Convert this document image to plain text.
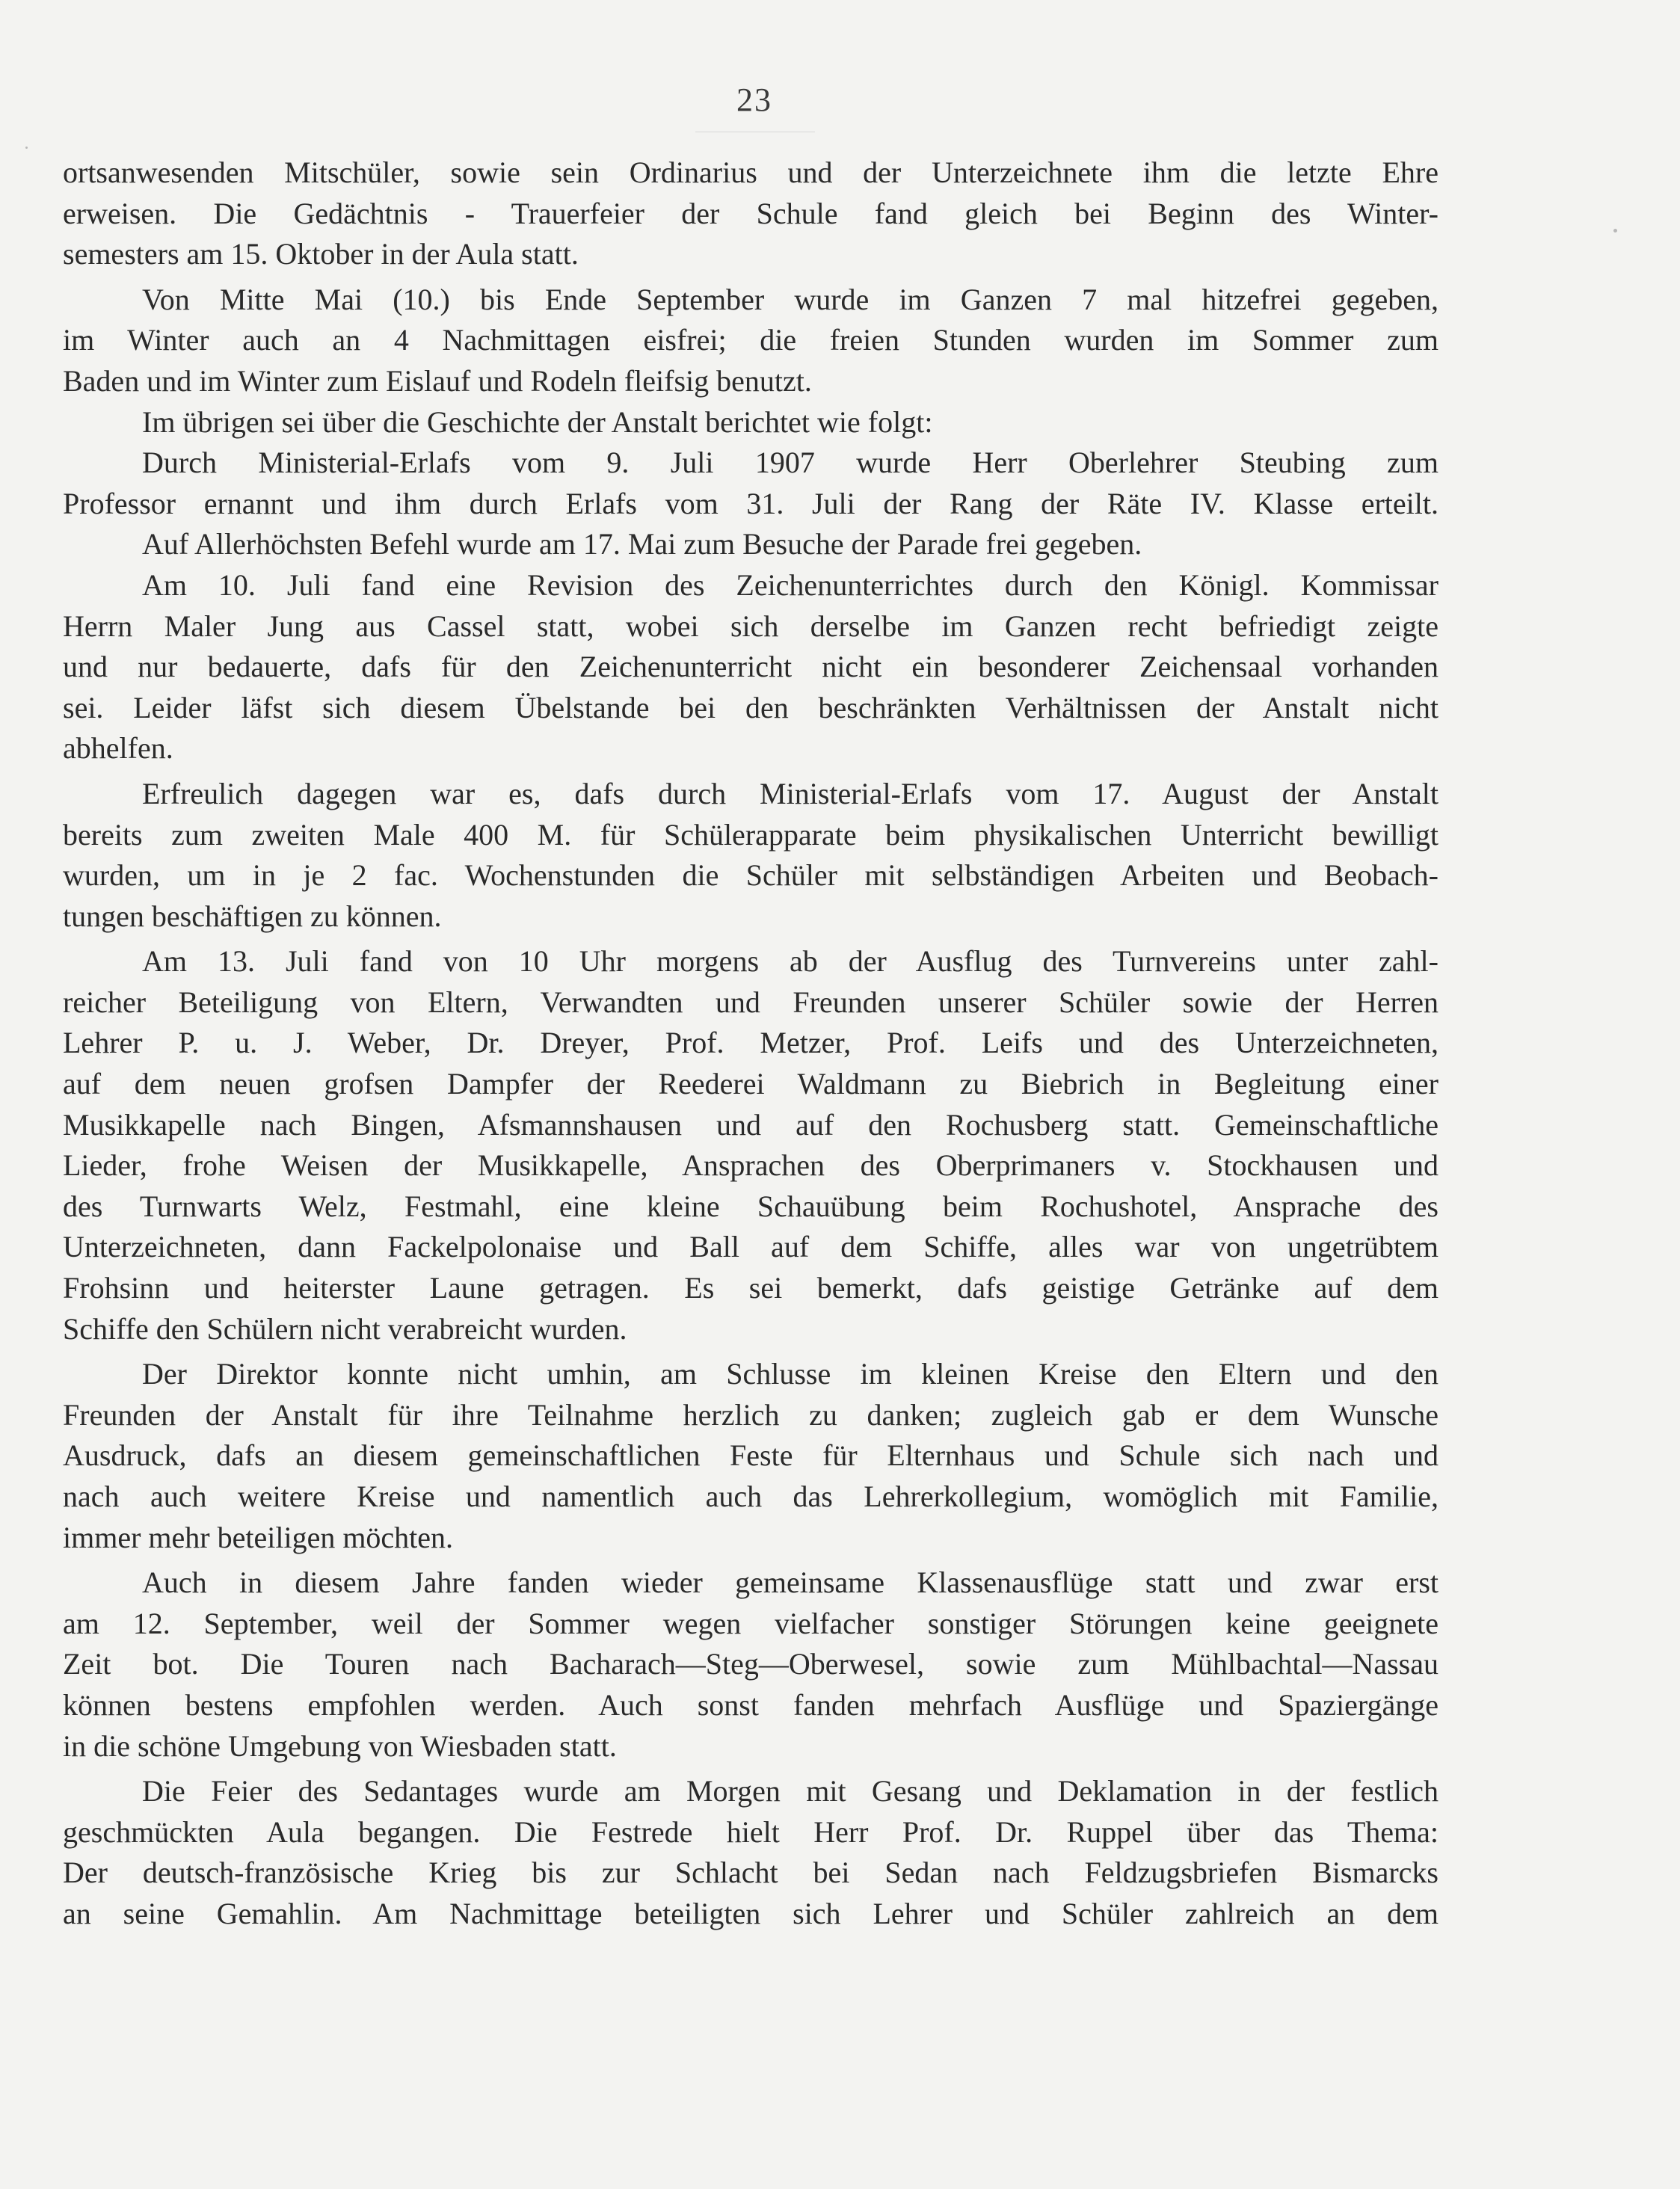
23
ortsanwesenden Mitschüler, sowie sein Ordinarius und der Unterzeichnete ihm die letzte Ehre
erweisen. Die Gedächtnis - Trauerfeier der Schule fand gleich bei Beginn des Winter-
semesters am 15. Oktober in der Aula statt.
Von Mitte Mai (10.) bis Ende September wurde im Ganzen 7 mal hitzefrei gegeben,
im Winter auch an 4 Nachmittagen eisfrei; die freien Stunden wurden im Sommer zum
Baden und im Winter zum Eislauf und Rodeln fleifsig benutzt.
Im übrigen sei über die Geschichte der Anstalt berichtet wie folgt:
Durch Ministerial-Erlafs vom 9. Juli 1907 wurde Herr Oberlehrer Steubing zum
Professor ernannt und ihm durch Erlafs vom 31. Juli der Rang der Räte IV. Klasse erteilt.
Auf Allerhöchsten Befehl wurde am 17. Mai zum Besuche der Parade frei gegeben.
Am 10. Juli fand eine Revision des Zeichenunterrichtes durch den Königl. Kommissar
Herrn Maler Jung aus Cassel statt, wobei sich derselbe im Ganzen recht befriedigt zeigte
und nur bedauerte, dafs für den Zeichenunterricht nicht ein besonderer Zeichensaal vorhanden
sei. Leider läfst sich diesem Übelstande bei den beschränkten Verhältnissen der Anstalt nicht
abhelfen.
Erfreulich dagegen war es, dafs durch Ministerial-Erlafs vom 17. August der Anstalt
bereits zum zweiten Male 400 M. für Schülerapparate beim physikalischen Unterricht bewilligt
wurden, um in je 2 fac. Wochenstunden die Schüler mit selbständigen Arbeiten und Beobach-
tungen beschäftigen zu können.
Am 13. Juli fand von 10 Uhr morgens ab der Ausflug des Turnvereins unter zahl-
reicher Beteiligung von Eltern, Verwandten und Freunden unserer Schüler sowie der Herren
Lehrer P. u. J. Weber, Dr. Dreyer, Prof. Metzer, Prof. Leifs und des Unterzeichneten,
auf dem neuen grofsen Dampfer der Reederei Waldmann zu Biebrich in Begleitung einer
Musikkapelle nach Bingen, Afsmannshausen und auf den Rochusberg statt. Gemeinschaftliche
Lieder, frohe Weisen der Musikkapelle, Ansprachen des Oberprimaners v. Stockhausen und
des Turnwarts Welz, Festmahl, eine kleine Schauübung beim Rochushotel, Ansprache des
Unterzeichneten, dann Fackelpolonaise und Ball auf dem Schiffe, alles war von ungetrübtem
Frohsinn und heiterster Laune getragen. Es sei bemerkt, dafs geistige Getränke auf dem
Schiffe den Schülern nicht verabreicht wurden.
Der Direktor konnte nicht umhin, am Schlusse im kleinen Kreise den Eltern und den
Freunden der Anstalt für ihre Teilnahme herzlich zu danken; zugleich gab er dem Wunsche
Ausdruck, dafs an diesem gemeinschaftlichen Feste für Elternhaus und Schule sich nach und
nach auch weitere Kreise und namentlich auch das Lehrerkollegium, womöglich mit Familie,
immer mehr beteiligen möchten.
Auch in diesem Jahre fanden wieder gemeinsame Klassenausflüge statt und zwar erst
am 12. September, weil der Sommer wegen vielfacher sonstiger Störungen keine geeignete
Zeit bot. Die Touren nach Bacharach—Steg—Oberwesel, sowie zum Mühlbachtal—Nassau
können bestens empfohlen werden. Auch sonst fanden mehrfach Ausflüge und Spaziergänge
in die schöne Umgebung von Wiesbaden statt.
Die Feier des Sedantages wurde am Morgen mit Gesang und Deklamation in der festlich
geschmückten Aula begangen. Die Festrede hielt Herr Prof. Dr. Ruppel über das Thema:
Der deutsch-französische Krieg bis zur Schlacht bei Sedan nach Feldzugsbriefen Bismarcks
an seine Gemahlin. Am Nachmittage beteiligten sich Lehrer und Schüler zahlreich an dem
